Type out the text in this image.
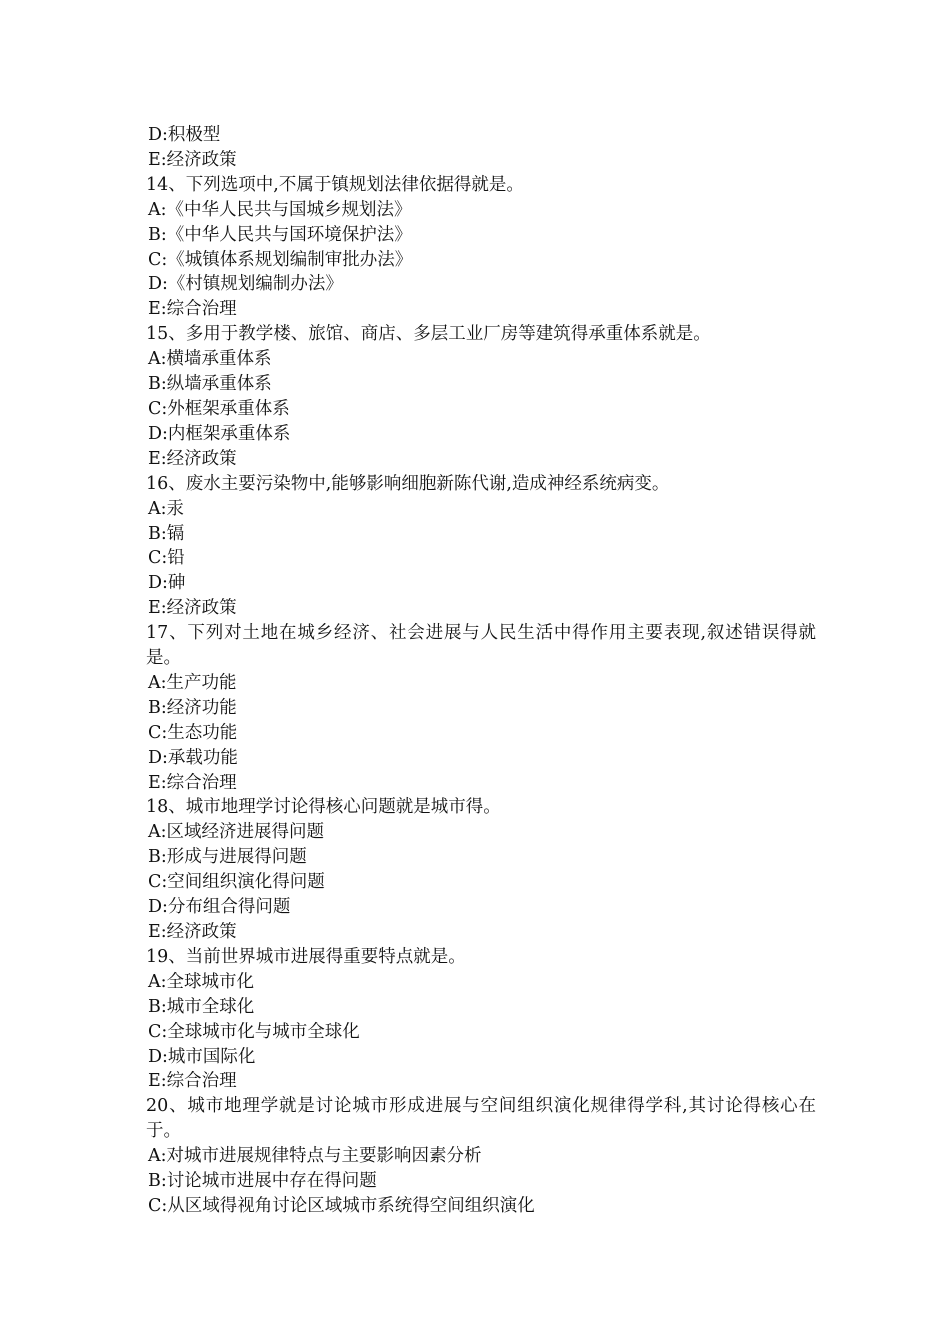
D:积极型
E:经济政策
14、下列选项中,不属于镇规划法律依据得就是。
A:《中华人民共与国城乡规划法》
B:《中华人民共与国环境保护法》
C:《城镇体系规划编制审批办法》
D:《村镇规划编制办法》
E:综合治理
15、多用于教学楼、旅馆、商店、多层工业厂房等建筑得承重体系就是。
A:横墙承重体系
B:纵墙承重体系
C:外框架承重体系
D:内框架承重体系
E:经济政策
16、废水主要污染物中,能够影响细胞新陈代谢,造成神经系统病变。
A:汞
B:镉
C:铅
D:砷
E:经济政策
17、下列对土地在城乡经济、社会进展与人民生活中得作用主要表现,叙述错误得就是。
A:生产功能
B:经济功能
C:生态功能
D:承载功能
E:综合治理
18、城市地理学讨论得核心问题就是城市得。
A:区域经济进展得问题
B:形成与进展得问题
C:空间组织演化得问题
D:分布组合得问题
E:经济政策
19、当前世界城市进展得重要特点就是。
A:全球城市化
B:城市全球化
C:全球城市化与城市全球化
D:城市国际化
E:综合治理
20、城市地理学就是讨论城市形成进展与空间组织演化规律得学科,其讨论得核心在于。
A:对城市进展规律特点与主要影响因素分析
B:讨论城市进展中存在得问题
C:从区域得视角讨论区域城市系统得空间组织演化
